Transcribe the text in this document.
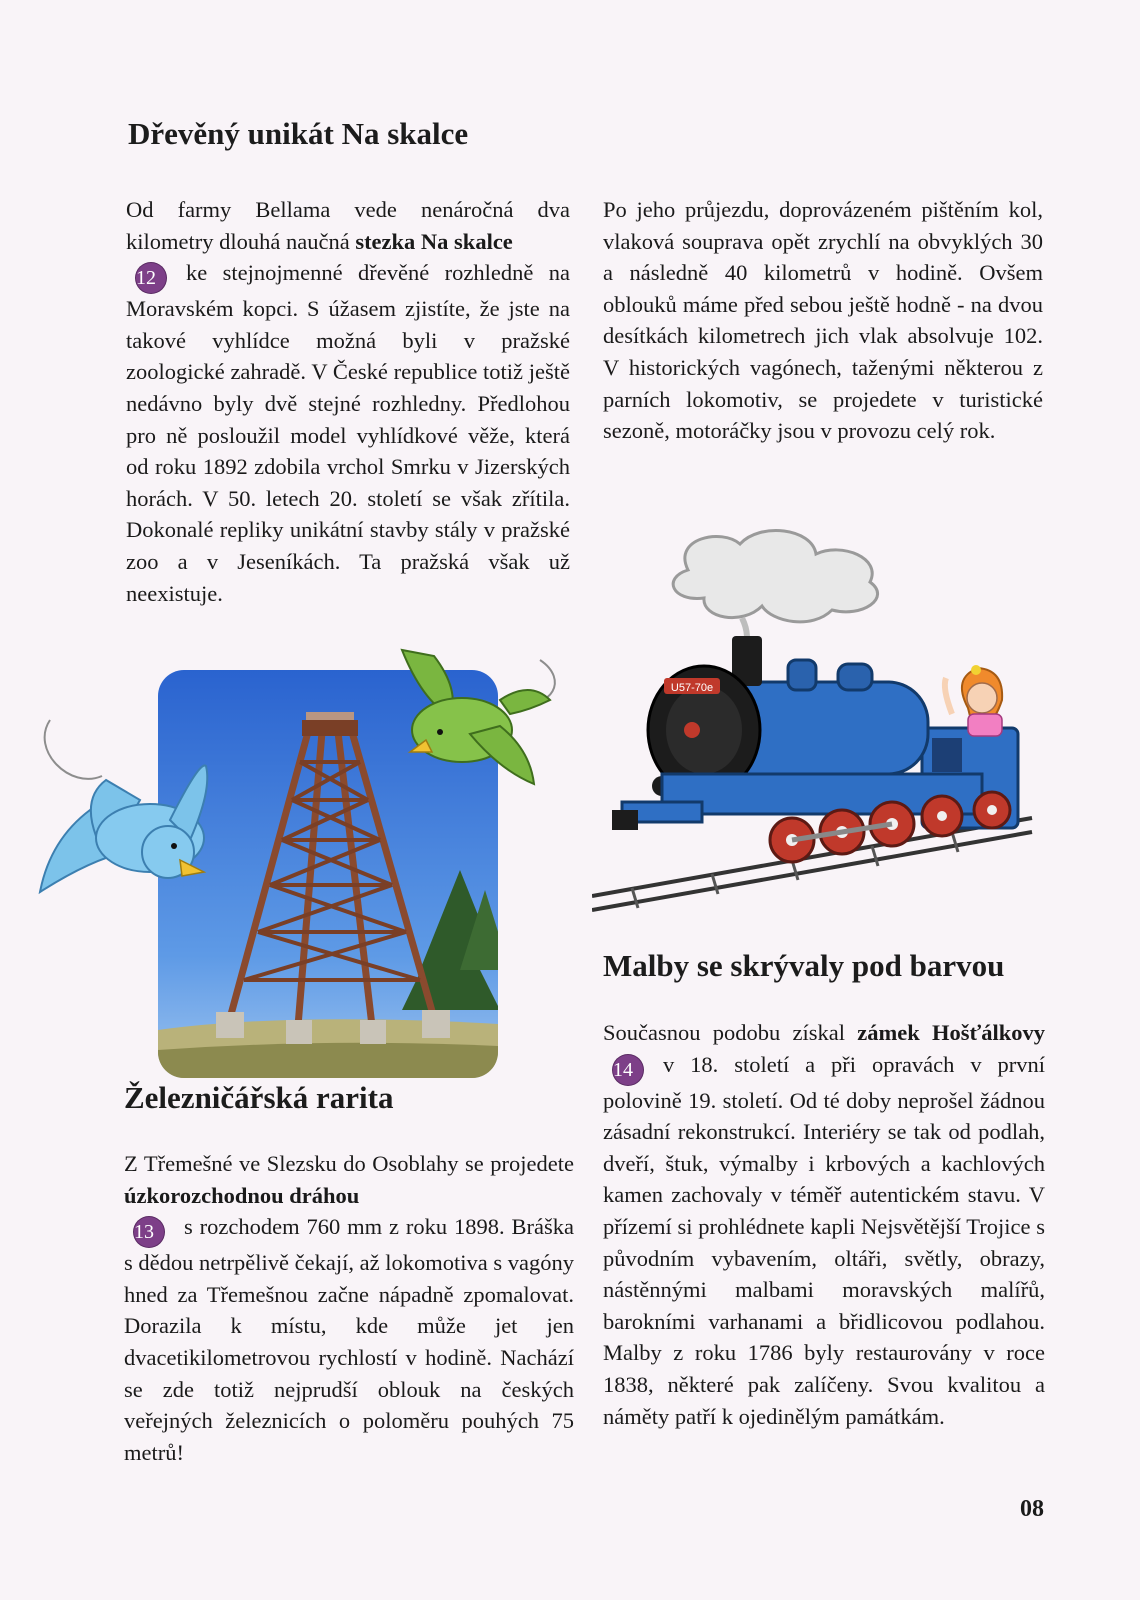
Dřevěný unikát Na skalce

Od farmy Bellama vede nenáročná dva kilometry dlouhá naučná stezka Na skalce
12 ke stejnojmenné dřevěné rozhledně na Moravském kopci. S úžasem zjistíte, že jste na takové vyhlídce možná byli v pražské zoologické zahradě. V České republice totiž ještě nedávno byly dvě stejné rozhledny. Předlohou pro ně posloužil model vyhlídkové věže, která od roku 1892 zdobila vrchol Smrku v Jizerských horách. V 50. letech 20. století se však zřítila. Dokonalé repliky unikátní stavby stály v pražské zoo a v Jeseníkách. Ta pražská však už neexistuje.

Po jeho průjezdu, doprovázeném pištěním kol, vlaková souprava opět zrychlí na obvyklých 30 a následně 40 kilometrů v hodině. Ovšem oblouků máme před sebou ještě hodně - na dvou desítkách kilometrech jich vlak absolvuje 102. V historických vagónech, taženými některou z parních lokomotiv, se projedete v turistické sezoně, motoráčky jsou v provozu celý rok.

Železničářská rarita

Z Třemešné ve Slezsku do Osoblahy se projedete úzkorozchodnou dráhou
13 s rozchodem 760 mm z roku 1898. Bráška s dědou netrpělivě čekají, až lokomotiva s vagóny hned za Třemešnou začne nápadně zpomalovat. Dorazila k místu, kde může jet jen dvacetikilometrovou rychlostí v hodině. Nachází se zde totiž nejprudší oblouk na českých veřejných železnicích o poloměru pouhých 75 metrů!

U57-70e
Malby se skrývaly pod barvou

Současnou podobu získal zámek Hošťálkovy14 v 18. století a při opravách v první polovině 19. století. Od té doby neprošel žádnou zásadní rekonstrukcí. Interiéry se tak od podlah, dveří, štuk, výmalby i krbových a kachlových kamen zachovaly v téměř autentickém stavu. V přízemí si prohlédnete kapli Nejsvětější Trojice s původním vybavením, oltáři, světly, obrazy, nástěnnými malbami moravských malířů, barokními varhanami a břidlicovou podlahou. Malby z roku 1786 byly restaurovány v roce 1838, některé pak zalíčeny. Svou kvalitou a náměty patří k ojedinělým památkám.

08
